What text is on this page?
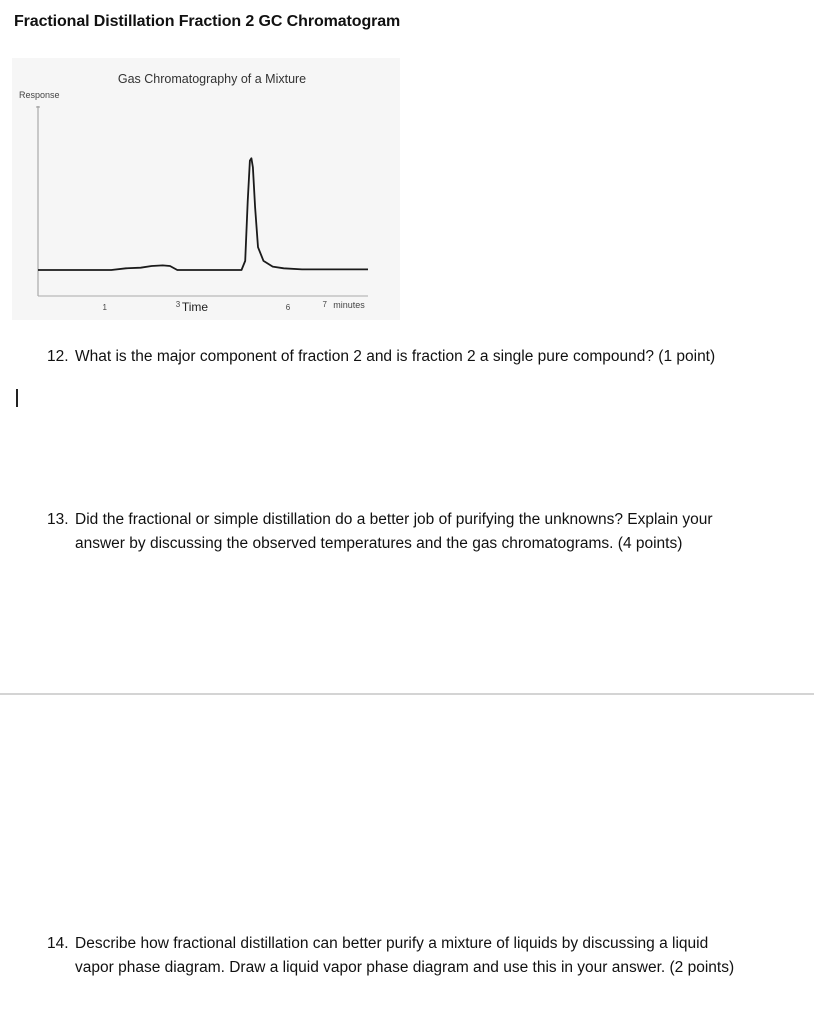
Fractional Distillation Fraction 2 GC Chromatogram
Gas Chromatography of a Mixture
Response
Time	minutes
1	3	6	7
12. What is the major component of fraction 2 and is fraction 2 a single pure compound? (1 point)
13. Did the fractional or simple distillation do a better job of purifying the unknowns? Explain your
answer by discussing the observed temperatures and the gas chromatograms. (4 points)
14. Describe how fractional distillation can better purify a mixture of liquids by discussing a liquid
vapor phase diagram. Draw a liquid vapor phase diagram and use this in your answer. (2 points)
